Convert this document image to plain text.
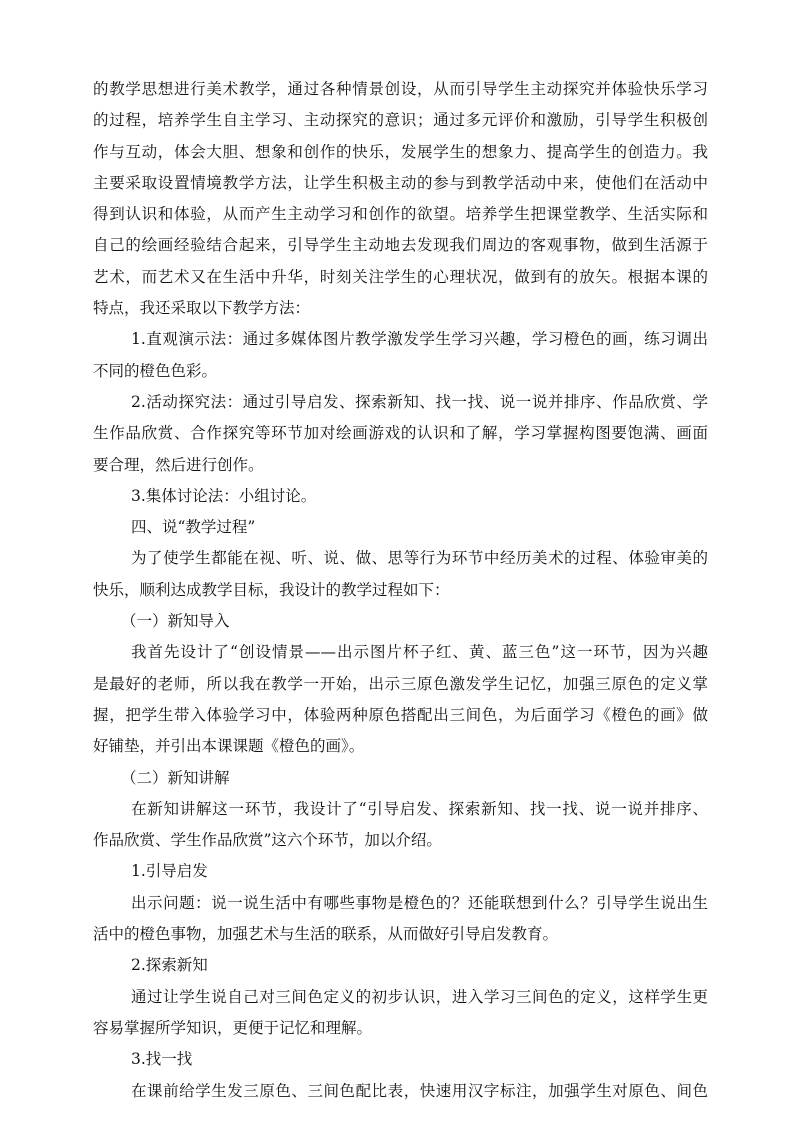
的教学思想进行美术教学，通过各种情景创设，从而引导学生主动探究并体验快乐学习
的过程，培养学生自主学习、主动探究的意识；通过多元评价和激励，引导学生积极创
作与互动，体会大胆、想象和创作的快乐，发展学生的想象力、提高学生的创造力。我
主要采取设置情境教学方法，让学生积极主动的参与到教学活动中来，使他们在活动中
得到认识和体验，从而产生主动学习和创作的欲望。培养学生把课堂教学、生活实际和
自己的绘画经验结合起来，引导学生主动地去发现我们周边的客观事物，做到生活源于
艺术，而艺术又在生活中升华，时刻关注学生的心理状况，做到有的放矢。根据本课的
特点，我还采取以下教学方法：
1.直观演示法：通过多媒体图片教学激发学生学习兴趣，学习橙色的画，练习调出
不同的橙色色彩。
2.活动探究法：通过引导启发、探索新知、找一找、说一说并排序、作品欣赏、学
生作品欣赏、合作探究等环节加对绘画游戏的认识和了解，学习掌握构图要饱满、画面
要合理，然后进行创作。
3.集体讨论法：小组讨论。
四、说“教学过程”
为了使学生都能在视、听、说、做、思等行为环节中经历美术的过程、体验审美的
快乐，顺利达成教学目标，我设计的教学过程如下：
（一）新知导入
我首先设计了“创设情景——出示图片杯子红、黄、蓝三色”这一环节，因为兴趣
是最好的老师，所以我在教学一开始，出示三原色激发学生记忆，加强三原色的定义掌
握，把学生带入体验学习中，体验两种原色搭配出三间色，为后面学习《橙色的画》做
好铺垫，并引出本课课题《橙色的画》。
（二）新知讲解
在新知讲解这一环节，我设计了“引导启发、探索新知、找一找、说一说并排序、
作品欣赏、学生作品欣赏”这六个环节，加以介绍。
1.引导启发
出示问题：说一说生活中有哪些事物是橙色的？还能联想到什么？引导学生说出生
活中的橙色事物，加强艺术与生活的联系，从而做好引导启发教育。
2.探索新知
通过让学生说自己对三间色定义的初步认识，进入学习三间色的定义，这样学生更
容易掌握所学知识，更便于记忆和理解。
3.找一找
在课前给学生发三原色、三间色配比表，快速用汉字标注，加强学生对原色、间色
